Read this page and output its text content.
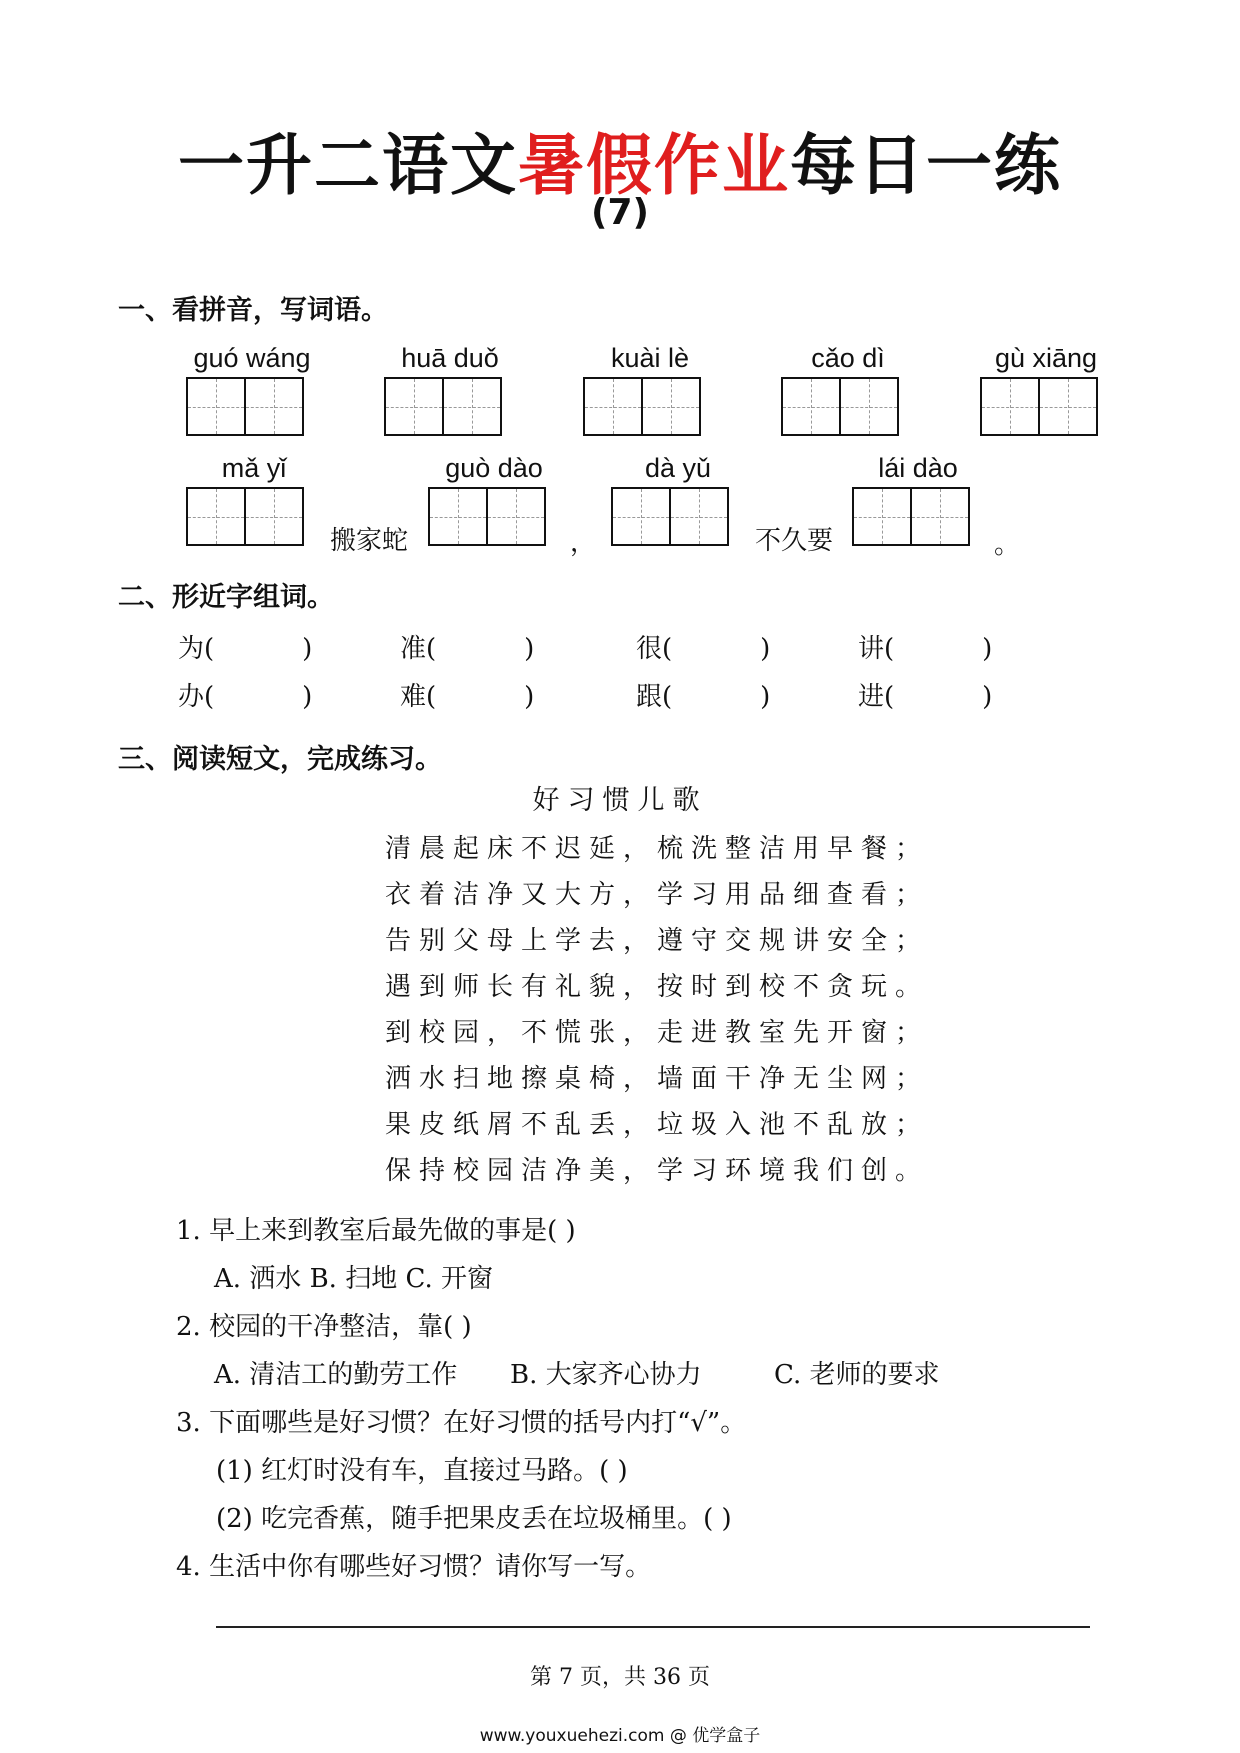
一升二语文暑假作业每日一练
(7)
一、看拼音，写词语。
guó wáng	huā duǒ	kuài lè	cǎo dì	gù xiāng
mǎ yǐ	guò dào	dà yǔ	lái dào
搬家蛇	，	不久要	。
二、形近字组词。
为(	)	准(	)	很(	)	讲(	)
办(	)	难(	)	跟(	)	进(	)
三、阅读短文，完成练习。
好习惯儿歌
清晨起床不迟延，梳洗整洁用早餐；
衣着洁净又大方，学习用品细查看；
告别父母上学去，遵守交规讲安全；
遇到师长有礼貌，按时到校不贪玩。
到校园，不慌张，走进教室先开窗；
洒水扫地擦桌椅，墙面干净无尘网；
果皮纸屑不乱丢，垃圾入池不乱放；
保持校园洁净美，学习环境我们创。
1. 早上来到教室后最先做的事是( )
A. 洒水 B. 扫地 C. 开窗
2. 校园的干净整洁，靠( )
A. 清洁工的勤劳工作 B. 大家齐心协力	C. 老师的要求
3. 下面哪些是好习惯？在好习惯的括号内打“√”。
(1) 红灯时没有车，直接过马路。( )
(2) 吃完香蕉，随手把果皮丢在垃圾桶里。( )
4. 生活中你有哪些好习惯？请你写一写。
第 7 页，共 36 页
www.youxuehezi.com @ 优学盒子
